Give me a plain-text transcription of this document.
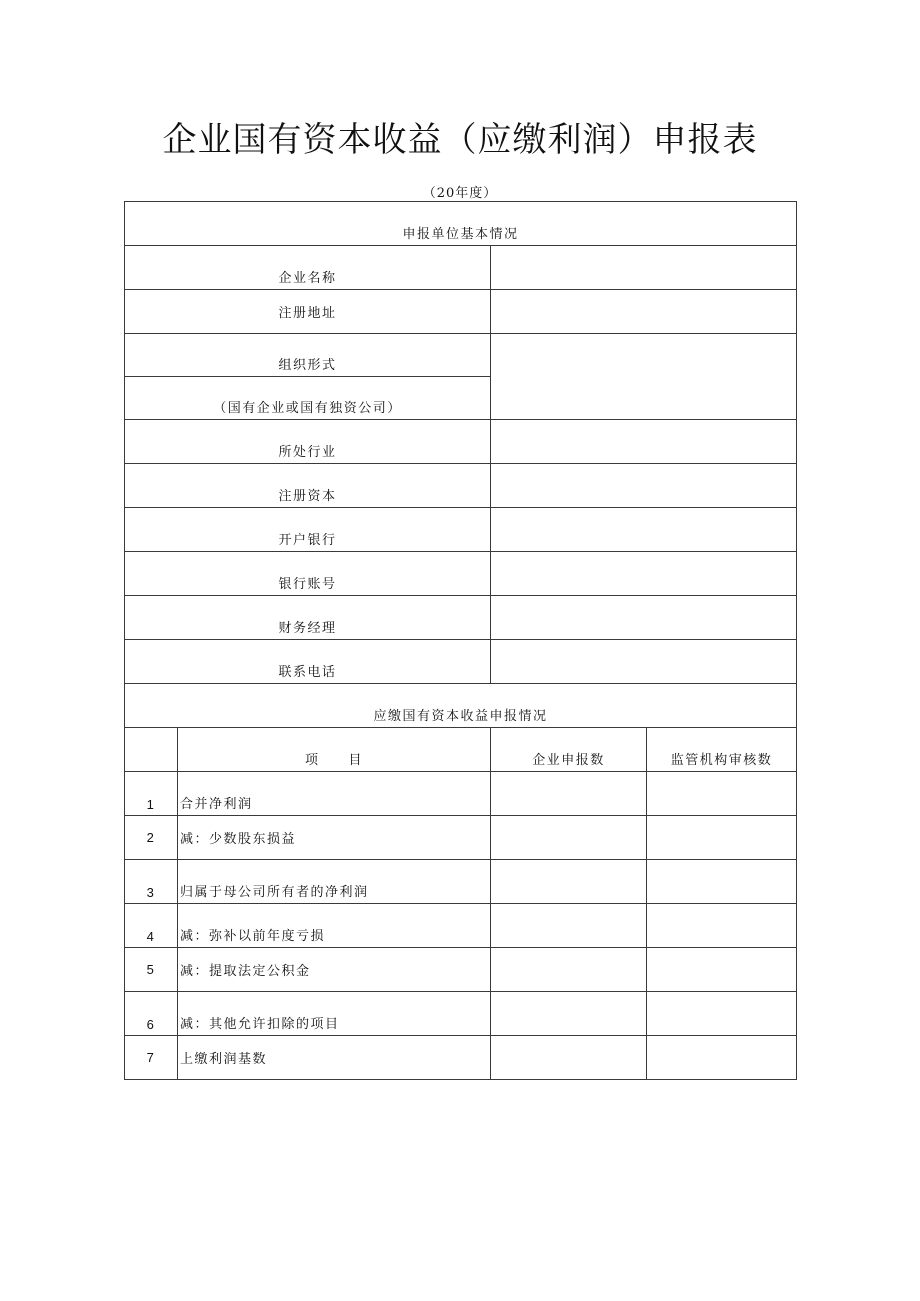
企业国有资本收益（应缴利润）申报表
（20年度）
申报单位基本情况			
企业名称			
注册地址			
组织形式			
（国有企业或国有独资公司）			
所处行业			
注册资本			
开户银行			
银行账号			
财务经理			
联系电话			
应缴国有资本收益申报情况			
	项　　目	企业申报数	监管机构审核数
1	合并净利润		
2	减：少数股东损益		
3	归属于母公司所有者的净利润		
4	减：弥补以前年度亏损		
5	减：提取法定公积金		
6	减：其他允许扣除的项目		
7	上缴利润基数		
